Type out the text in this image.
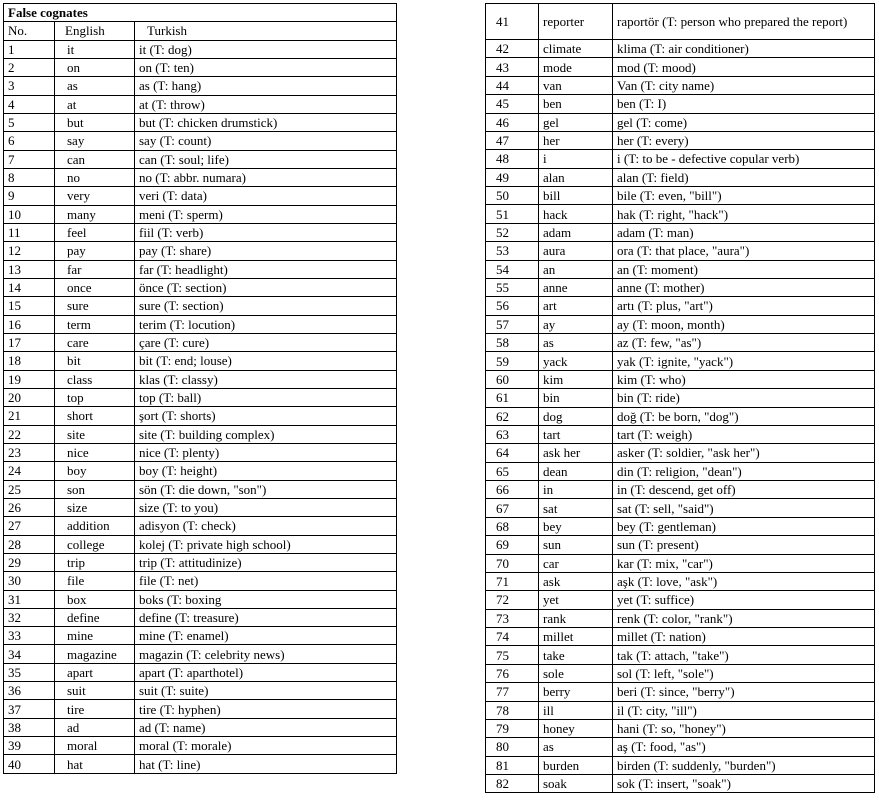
False cognates		
No.	English	Turkish
1	it	it (T: dog)
2	on	on (T: ten)
3	as	as (T: hang)
4	at	at (T: throw)
5	but	but (T: chicken drumstick)
6	say	say (T: count)
7	can	can (T: soul; life)
8	no	no (T: abbr. numara)
9	very	veri (T: data)
10	many	meni (T: sperm)
11	feel	fiil (T: verb)
12	pay	pay (T: share)
13	far	far (T: headlight)
14	once	önce (T: section)
15	sure	sure (T: section)
16	term	terim (T: locution)
17	care	çare (T: cure)
18	bit	bit (T: end; louse)
19	class	klas (T: classy)
20	top	top (T: ball)
21	short	şort (T: shorts)
22	site	site (T: building complex)
23	nice	nice (T: plenty)
24	boy	boy (T: height)
25	son	sön (T: die down, "son")
26	size	size (T: to you)
27	addition	adisyon (T: check)
28	college	kolej (T: private high school)
29	trip	trip (T: attitudinize)
30	file	file (T: net)
31	box	boks (T: boxing
32	define	define (T: treasure)
33	mine	mine (T: enamel)
34	magazine	magazin (T: celebrity news)
35	apart	apart (T: aparthotel)
36	suit	suit (T: suite)
37	tire	tire (T: hyphen)
38	ad	ad (T: name)
39	moral	moral (T: morale)
40	hat	hat (T: line)
41	reporter	raportör (T: person who prepared the report)
42	climate	klima (T: air conditioner)
43	mode	mod (T: mood)
44	van	Van (T: city name)
45	ben	ben (T: I)
46	gel	gel (T: come)
47	her	her (T: every)
48	i	i (T: to be - defective copular verb)
49	alan	alan (T: field)
50	bill	bile (T: even, "bill")
51	hack	hak (T: right, "hack")
52	adam	adam (T: man)
53	aura	ora (T: that place, "aura")
54	an	an (T: moment)
55	anne	anne (T: mother)
56	art	artı (T: plus, "art")
57	ay	ay (T: moon, month)
58	as	az (T: few, "as")
59	yack	yak (T: ignite, "yack")
60	kim	kim (T: who)
61	bin	bin (T: ride)
62	dog	doğ (T: be born, "dog")
63	tart	tart (T: weigh)
64	ask her	asker (T: soldier, "ask her")
65	dean	din (T: religion, "dean")
66	in	in (T: descend, get off)
67	sat	sat (T: sell, "said")
68	bey	bey (T: gentleman)
69	sun	sun (T: present)
70	car	kar (T: mix, "car")
71	ask	aşk (T: love, "ask")
72	yet	yet (T: suffice)
73	rank	renk (T: color, "rank")
74	millet	millet (T: nation)
75	take	tak (T: attach, "take")
76	sole	sol (T: left, "sole")
77	berry	beri (T: since, "berry")
78	ill	il (T: city, "ill")
79	honey	hani (T: so, "honey")
80	as	aş (T: food, "as")
81	burden	birden (T: suddenly, "burden")
82	soak	sok (T: insert, "soak")
